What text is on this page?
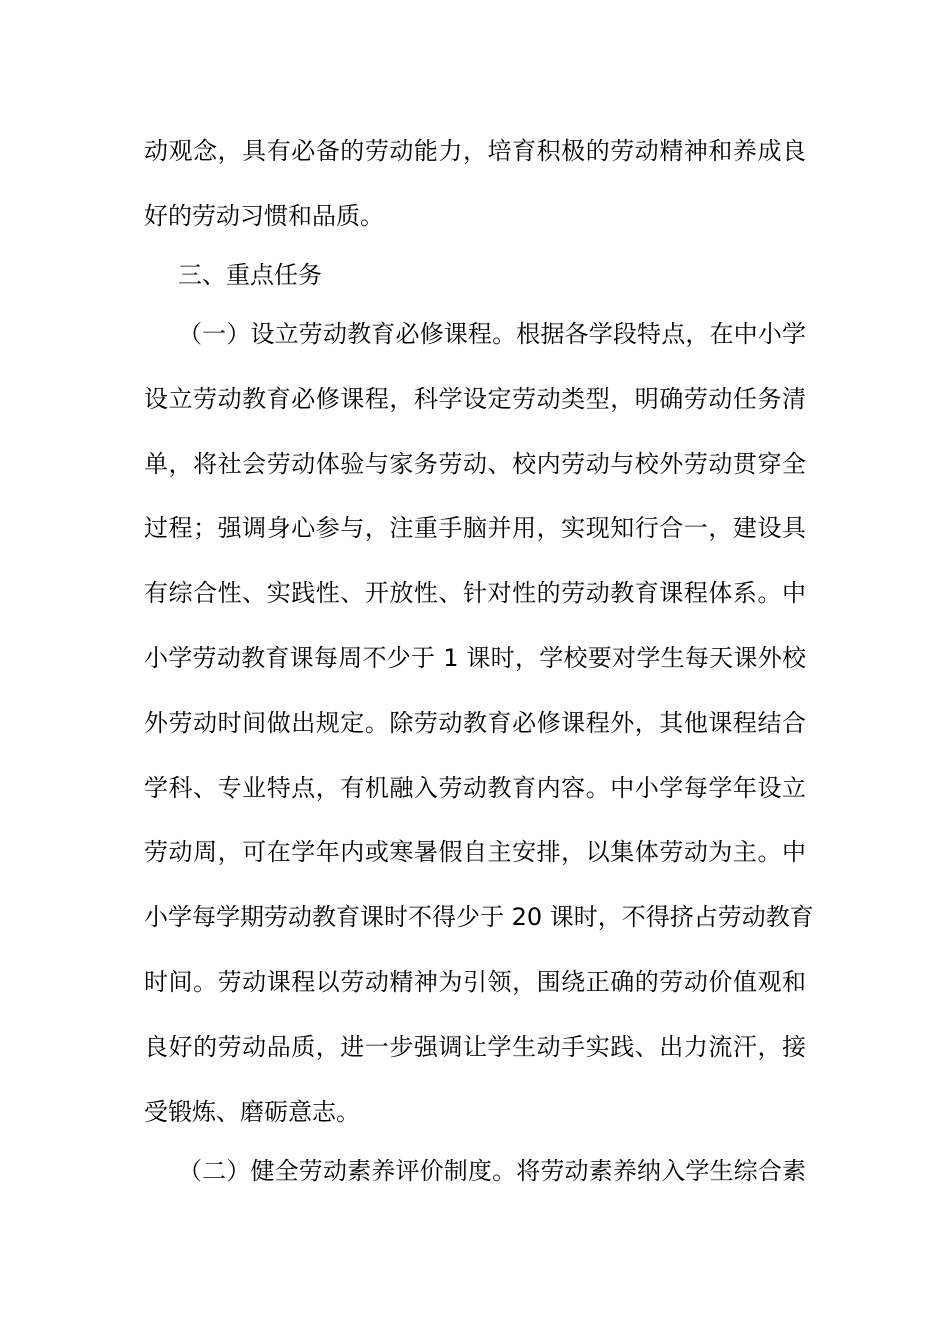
动观念，具有必备的劳动能力，培育积极的劳动精神和养成良
好的劳动习惯和品质。
三、重点任务
（一）设立劳动教育必修课程。根据各学段特点，在中小学
设立劳动教育必修课程，科学设定劳动类型，明确劳动任务清
单，将社会劳动体验与家务劳动、校内劳动与校外劳动贯穿全
过程；强调身心参与，注重手脑并用，实现知行合一，建设具
有综合性、实践性、开放性、针对性的劳动教育课程体系。中
小学劳动教育课每周不少于 1 课时，学校要对学生每天课外校
外劳动时间做出规定。除劳动教育必修课程外，其他课程结合
学科、专业特点，有机融入劳动教育内容。中小学每学年设立
劳动周，可在学年内或寒暑假自主安排，以集体劳动为主。中
小学每学期劳动教育课时不得少于 20 课时，不得挤占劳动教育
时间。劳动课程以劳动精神为引领，围绕正确的劳动价值观和
良好的劳动品质，进一步强调让学生动手实践、出力流汗，接
受锻炼、磨砺意志。
（二）健全劳动素养评价制度。将劳动素养纳入学生综合素
